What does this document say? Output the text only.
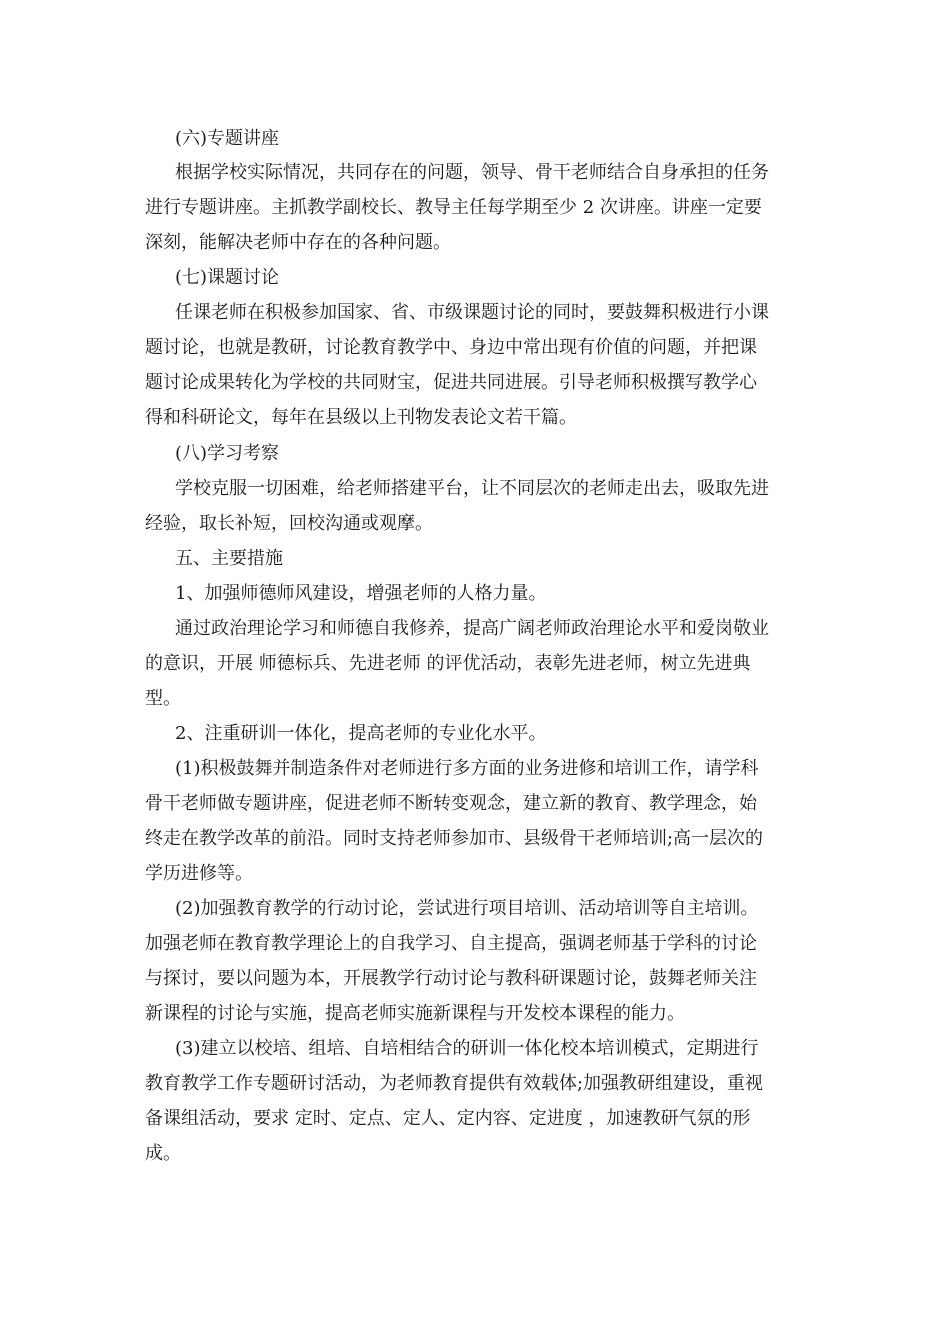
(六)专题讲座
根据学校实际情况，共同存在的问题，领导、骨干老师结合自身承担的任务
进行专题讲座。主抓教学副校长、教导主任每学期至少 2 次讲座。讲座一定要
深刻，能解决老师中存在的各种问题。
(七)课题讨论
任课老师在积极参加国家、省、市级课题讨论的同时，要鼓舞积极进行小课
题讨论，也就是教研，讨论教育教学中、身边中常出现有价值的问题，并把课
题讨论成果转化为学校的共同财宝，促进共同进展。引导老师积极撰写教学心
得和科研论文，每年在县级以上刊物发表论文若干篇。
(八)学习考察
学校克服一切困难，给老师搭建平台，让不同层次的老师走出去，吸取先进
经验，取长补短，回校沟通或观摩。
五、主要措施
1、加强师德师风建设，增强老师的人格力量。
通过政治理论学习和师德自我修养，提高广阔老师政治理论水平和爱岗敬业
的意识，开展 师德标兵、先进老师 的评优活动，表彰先进老师，树立先进典
型。
2、注重研训一体化，提高老师的专业化水平。
(1)积极鼓舞并制造条件对老师进行多方面的业务进修和培训工作，请学科
骨干老师做专题讲座，促进老师不断转变观念，建立新的教育、教学理念，始
终走在教学改革的前沿。同时支持老师参加市、县级骨干老师培训;高一层次的
学历进修等。
(2)加强教育教学的行动讨论，尝试进行项目培训、活动培训等自主培训。
加强老师在教育教学理论上的自我学习、自主提高，强调老师基于学科的讨论
与探讨，要以问题为本，开展教学行动讨论与教科研课题讨论，鼓舞老师关注
新课程的讨论与实施，提高老师实施新课程与开发校本课程的能力。
(3)建立以校培、组培、自培相结合的研训一体化校本培训模式，定期进行
教育教学工作专题研讨活动，为老师教育提供有效载体;加强教研组建设，重视
备课组活动，要求 定时、定点、定人、定内容、定进度 ，加速教研气氛的形
成。
